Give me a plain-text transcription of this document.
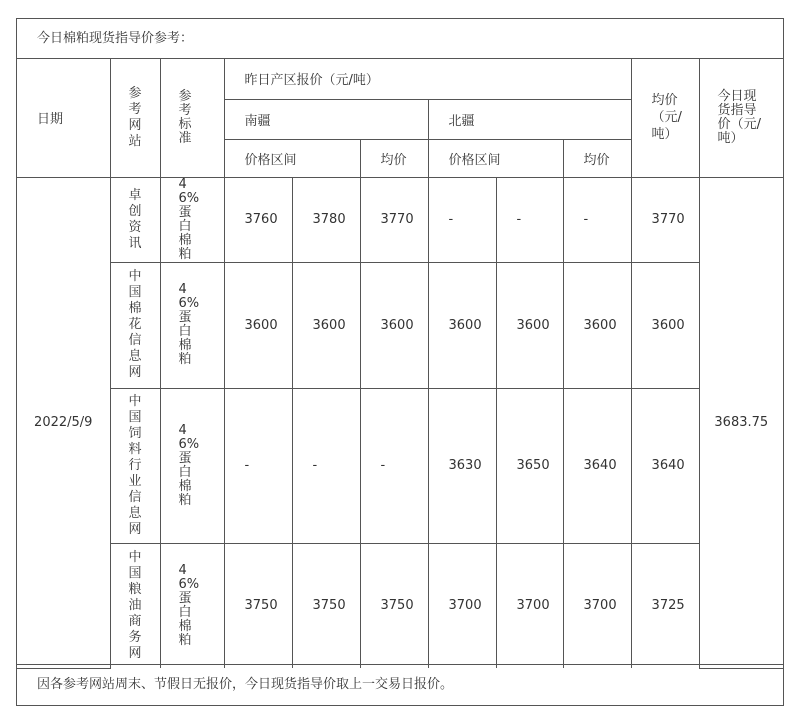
今日棉粕现货指导价参考：
日期	参考网站	参考标准	昨日产区报价（元/吨）						均价
（元/吨）	今日现货指导价（元/吨）
			南疆			北疆				
			价格区间		均价	价格区间		均价		
2022/5/9	卓创资讯	46%蛋白棉粕	3760	3780	3770	-	-	-	3770	3683.75
	中国棉花信息网	46%蛋白棉粕	3600	3600	3600	3600	3600	3600	3600	
	中国饲料行业信息网	46%蛋白棉粕	-	-	-	3630	3650	3640	3640	
	中国粮油商务网	46%蛋白棉粕	3750	3750	3750	3700	3700	3700	3725	
因各参考网站周末、节假日无报价，今日现货指导价取上一交易日报价。
